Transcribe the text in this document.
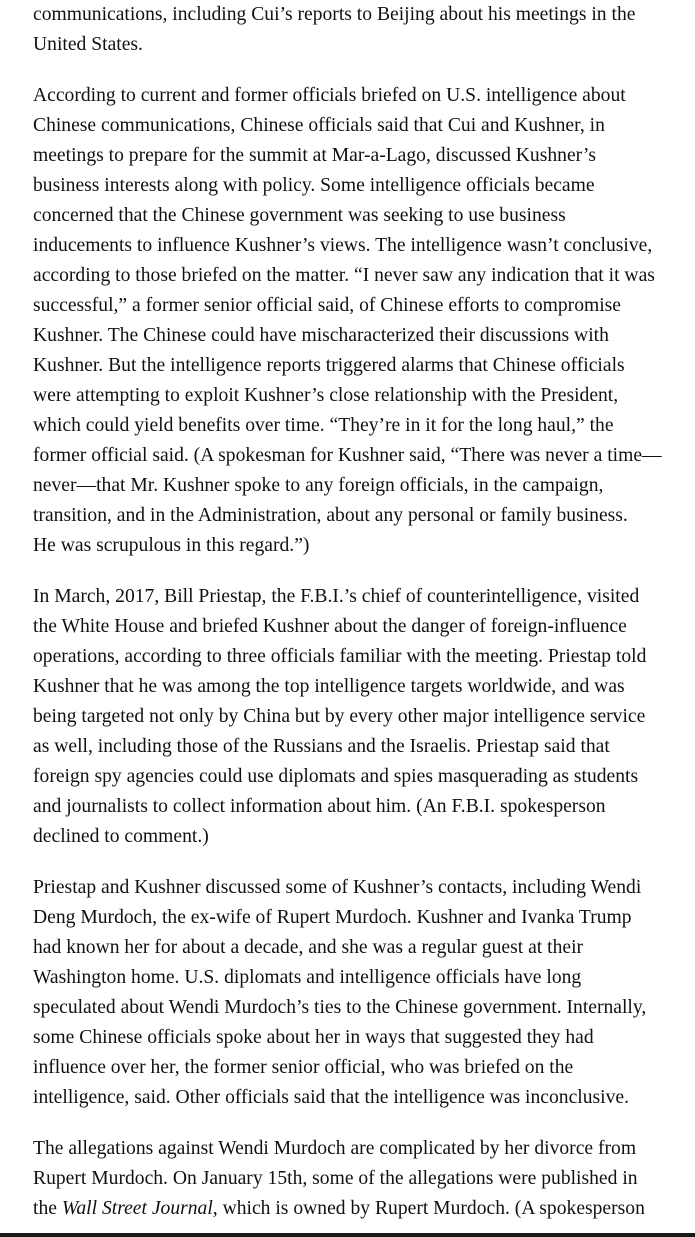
communications, including Cui’s reports to Beijing about his meetings in the
United States.

According to current and former officials briefed on U.S. intelligence about
Chinese communications, Chinese officials said that Cui and Kushner, in
meetings to prepare for the summit at Mar-a-Lago, discussed Kushner’s
business interests along with policy. Some intelligence officials became
concerned that the Chinese government was seeking to use business
inducements to influence Kushner’s views. The intelligence wasn’t conclusive,
according to those briefed on the matter. “I never saw any indication that it was
successful,” a former senior official said, of Chinese efforts to compromise
Kushner. The Chinese could have mischaracterized their discussions with
Kushner. But the intelligence reports triggered alarms that Chinese officials
were attempting to exploit Kushner’s close relationship with the President,
which could yield benefits over time. “They’re in it for the long haul,” the
former official said. (A spokesman for Kushner said, “There was never a time—
never—that Mr. Kushner spoke to any foreign officials, in the campaign,
transition, and in the Administration, about any personal or family business.
He was scrupulous in this regard.”)

In March, 2017, Bill Priestap, the F.B.I.’s chief of counterintelligence, visited
the White House and briefed Kushner about the danger of foreign-influence
operations, according to three officials familiar with the meeting. Priestap told
Kushner that he was among the top intelligence targets worldwide, and was
being targeted not only by China but by every other major intelligence service
as well, including those of the Russians and the Israelis. Priestap said that
foreign spy agencies could use diplomats and spies masquerading as students
and journalists to collect information about him. (An F.B.I. spokesperson
declined to comment.)

Priestap and Kushner discussed some of Kushner’s contacts, including Wendi
Deng Murdoch, the ex-wife of Rupert Murdoch. Kushner and Ivanka Trump
had known her for about a decade, and she was a regular guest at their
Washington home. U.S. diplomats and intelligence officials have long
speculated about Wendi Murdoch’s ties to the Chinese government. Internally,
some Chinese officials spoke about her in ways that suggested they had
influence over her, the former senior official, who was briefed on the
intelligence, said. Other officials said that the intelligence was inconclusive.

The allegations against Wendi Murdoch are complicated by her divorce from
Rupert Murdoch. On January 15th, some of the allegations were published in
the Wall Street Journal, which is owned by Rupert Murdoch. (A spokesperson
